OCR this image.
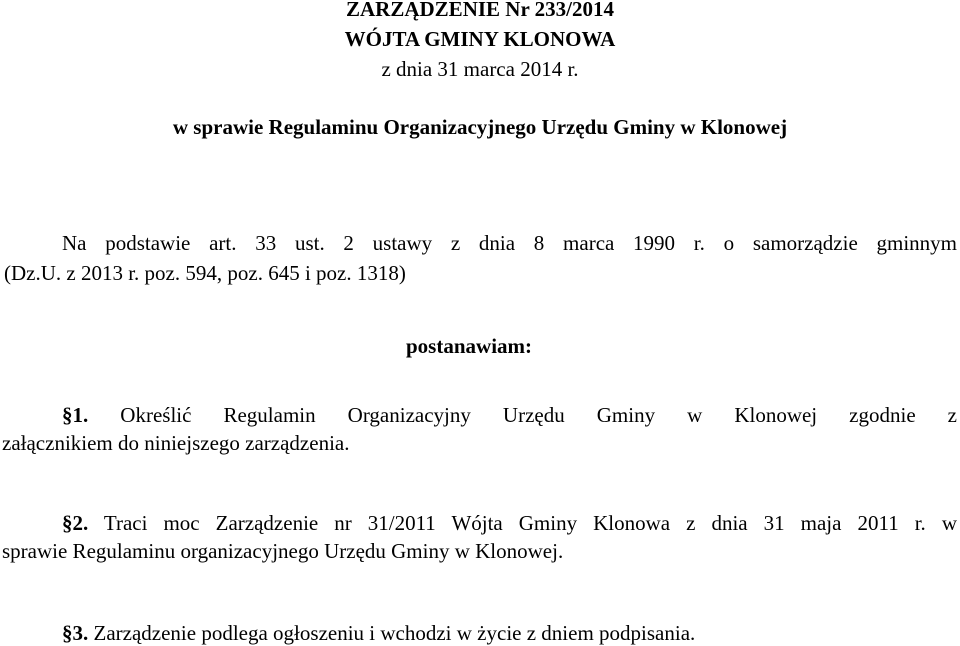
ZARZĄDZENIE Nr 233/2014
WÓJTA GMINY KLONOWA
z dnia 31 marca 2014 r.
w sprawie Regulaminu Organizacyjnego Urzędu Gminy w Klonowej
Na podstawie art. 33 ust. 2 ustawy z dnia 8 marca 1990 r. o samorządzie gminnym
(Dz.U. z 2013 r. poz. 594, poz. 645 i poz. 1318)
postanawiam:
§1. Określić Regulamin Organizacyjny Urzędu Gminy w Klonowej zgodnie z
załącznikiem do niniejszego zarządzenia.
§2. Traci moc Zarządzenie nr 31/2011 Wójta Gminy Klonowa z dnia 31 maja 2011 r. w
sprawie Regulaminu organizacyjnego Urzędu Gminy w Klonowej.
§3. Zarządzenie podlega ogłoszeniu i wchodzi w życie z dniem podpisania.
